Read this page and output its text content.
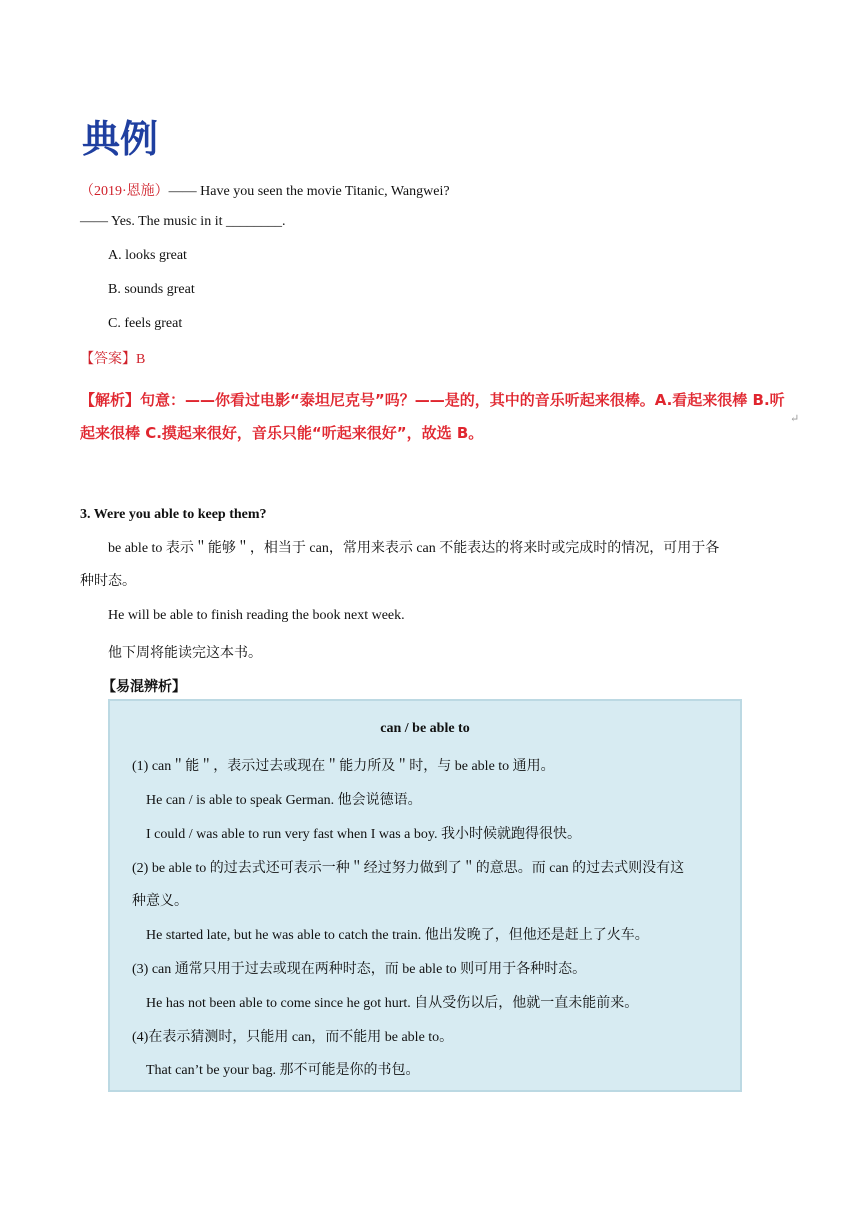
典例
（2019·恩施）—— Have you seen the movie Titanic, Wangwei?
—— Yes. The music in it ________.
A. looks great
B. sounds great
C. feels great
【答案】B
【解析】句意：——你看过电影“泰坦尼克号”吗？——是的，其中的音乐听起来很棒。A.看起来很棒 B.听
起来很棒 C.摸起来很好，音乐只能“听起来很好”，故选 B。
↵
3. Were you able to keep them?
be able to 表示＂能够＂，相当于 can，常用来表示 can 不能表达的将来时或完成时的情况，可用于各
种时态。
He will be able to finish reading the book next week.
他下周将能读完这本书。
【易混辨析】
can / be able to
(1) can＂能＂，表示过去或现在＂能力所及＂时，与 be able to 通用。
He can / is able to speak German. 他会说德语。
I could / was able to run very fast when I was a boy. 我小时候就跑得很快。
(2) be able to 的过去式还可表示一种＂经过努力做到了＂的意思。而 can 的过去式则没有这
种意义。
He started late, but he was able to catch the train. 他出发晚了，但他还是赶上了火车。
(3) can 通常只用于过去或现在两种时态，而 be able to 则可用于各种时态。
He has not been able to come since he got hurt. 自从受伤以后，他就一直未能前来。
(4)在表示猜测时，只能用 can，而不能用 be able to。
That can’t be your bag. 那不可能是你的书包。
